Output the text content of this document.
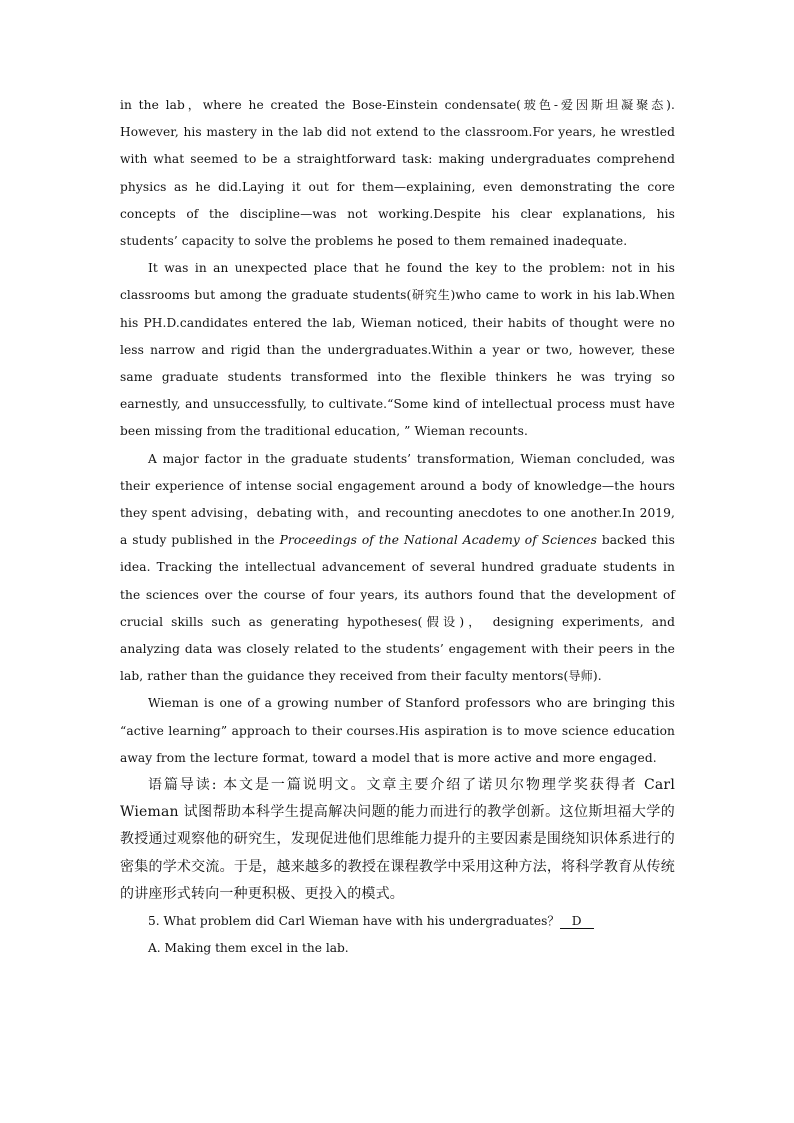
in the lab，where he created the Bose-Einstein condensate(玻色-爱因斯坦凝聚态). However, his mastery in the lab did not extend to the classroom.For years, he wrestled with what seemed to be a straightforward task: making undergraduates comprehend physics as he did.Laying it out for them—explaining, even demonstrating the core concepts of the discipline—was not working.Despite his clear explanations, his students’ capacity to solve the problems he posed to them remained inadequate.

It was in an unexpected place that he found the key to the problem: not in his classrooms but among the graduate students(研究生)who came to work in his lab.When his PH.D.candidates entered the lab, Wieman noticed, their habits of thought were no less narrow and rigid than the undergraduates.Within a year or two, however, these same graduate students transformed into the flexible thinkers he was trying so earnestly, and unsuccessfully, to cultivate.“Some kind of intellectual process must have been missing from the traditional education, ” Wieman recounts.

A major factor in the graduate students’ transformation, Wieman concluded, was their experience of intense social engagement around a body of knowledge—the hours they spent advising，debating with，and recounting anecdotes to one another.In 2019, a study published in the Proceedings of the National Academy of Sciences backed this idea. Tracking the intellectual advancement of several hundred graduate students in the sciences over the course of four years, its authors found that the development of crucial skills such as generating hypotheses(假设)， designing experiments, and analyzing data was closely related to the students’ engagement with their peers in the lab, rather than the guidance they received from their faculty mentors(导师).

Wieman is one of a growing number of Stanford professors who are bringing this “active learning” approach to their courses.His aspiration is to move science education away from the lecture format, toward a model that is more active and more engaged.

语篇导读: 本文是一篇说明文。文章主要介绍了诺贝尔物理学奖获得者 Carl Wieman 试图帮助本科学生提高解决问题的能力而进行的教学创新。这位斯坦福大学的教授通过观察他的研究生，发现促进他们思维能力提升的主要因素是围绕知识体系进行的密集的学术交流。于是，越来越多的教授在课程教学中采用这种方法，将科学教育从传统的讲座形式转向一种更积极、更投入的模式。

5. What problem did Carl Wieman have with his undergraduates？ D

A. Making them excel in the lab.
